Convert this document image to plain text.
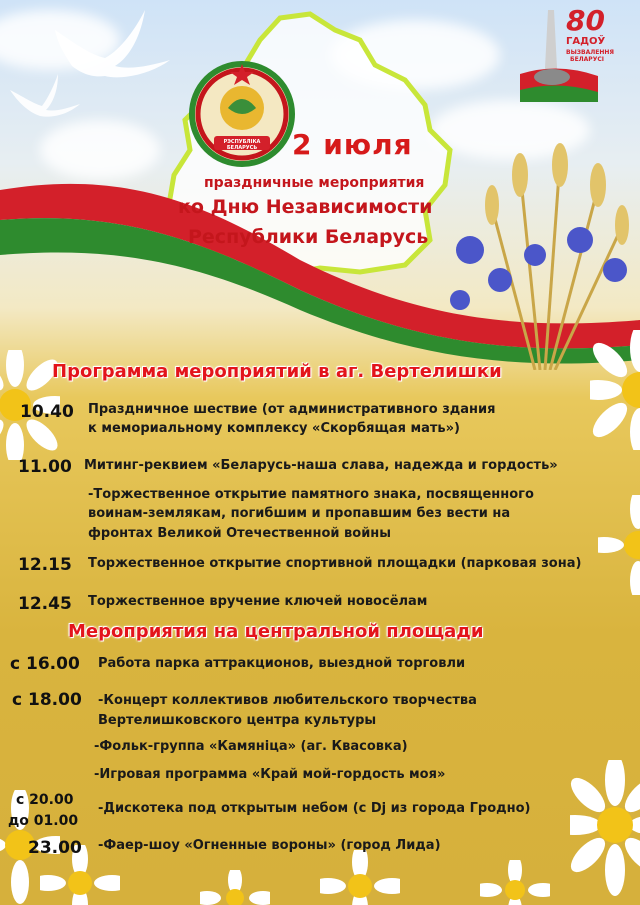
РЭСПУБЛІКА БЕЛАРУСЬ
80
ГАДОЎ
ВЫЗВАЛЕННЯ
БЕЛАРУСІ
2 июля
праздничные мероприятия
ко Дню Независимости
Республики Беларусь
Программа мероприятий в аг. Вертелишки
10.40 Праздничное шествие (от административного здания
к мемориальному комплексу «Скорбящая мать»)
11.00 Митинг-реквием «Беларусь-наша слава, надежда и гордость»
-Торжественное открытие памятного знака, посвященного
воинам-землякам, погибшим и пропавшим без вести на
фронтах Великой Отечественной войны
12.15 Торжественное открытие спортивной площадки (парковая зона)
12.45 Торжественное вручение ключей новосёлам
Мероприятия на центральной площади
с 16.00 Работа парка аттракционов, выездной торговли
с 18.00 -Концерт коллективов любительского творчества
Вертелишковского центра культуры
-Фольк-группа «Камяніца» (аг. Квасовка)
-Игровая программа «Край мой-гордость моя»
с 20.00
до 01.00
-Дискотека под открытым небом (с Dj из города Гродно)
23.00 -Фаер-шоу «Огненные вороны» (город Лида)
